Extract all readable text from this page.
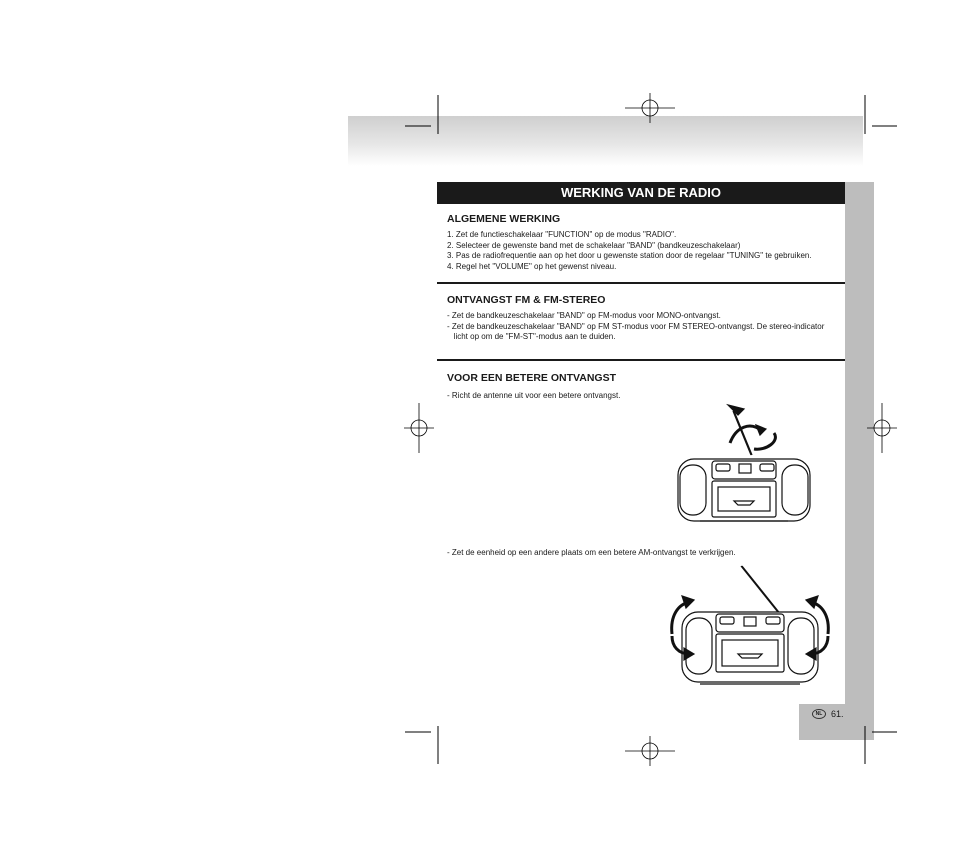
NL 61.
WERKING VAN DE RADIO
ALGEMENE WERKING
1. Zet de functieschakelaar "FUNCTION" op de modus "RADIO".
2. Selecteer de gewenste band met de schakelaar "BAND" (bandkeuzeschakelaar)
3. Pas de radiofrequentie aan op het door u gewenste station door de regelaar "TUNING" te gebruiken.
4. Regel het "VOLUME" op het gewenst niveau.
ONTVANGST FM & FM-STEREO
- Zet de bandkeuzeschakelaar "BAND" op FM-modus voor MONO-ontvangst.
- Zet de bandkeuzeschakelaar "BAND" op FM ST-modus voor FM STEREO-ontvangst. De stereo-indicator
licht op om de "FM-ST"-modus aan te duiden.
VOOR EEN BETERE ONTVANGST
- Richt de antenne uit voor een betere ontvangst.
- Zet de eenheid op een andere plaats om een betere AM-ontvangst te verkrijgen.
